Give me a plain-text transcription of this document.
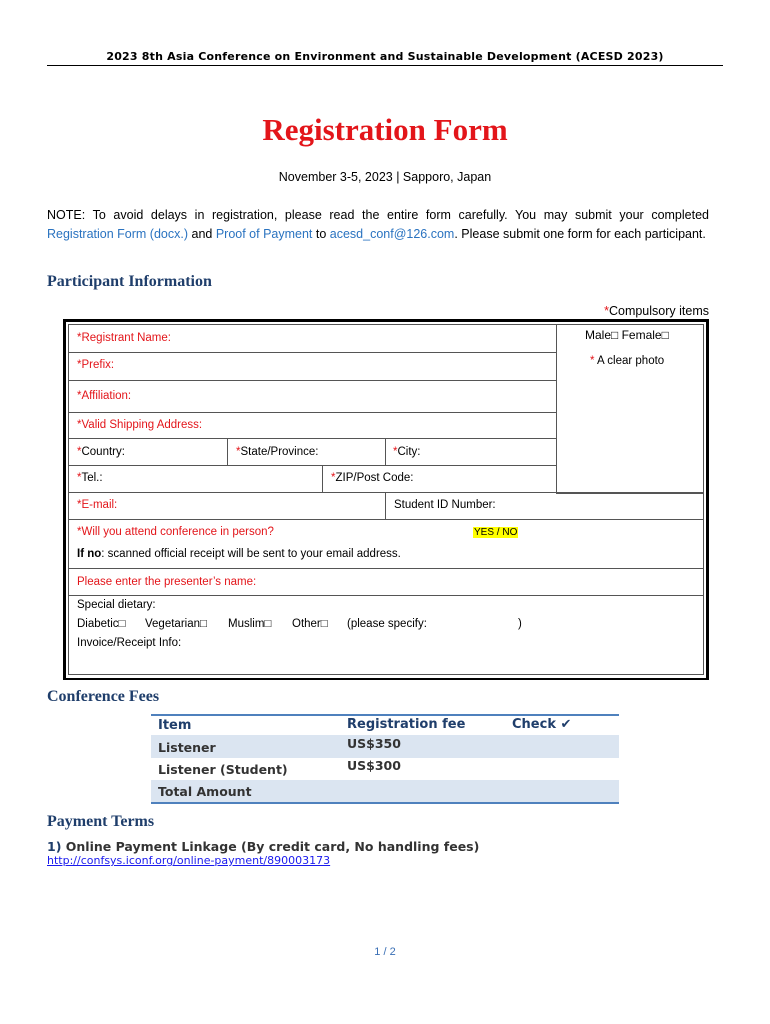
2023 8th Asia Conference on Environment and Sustainable Development (ACESD 2023)
Registration Form
November 3-5, 2023 | Sapporo, Japan
NOTE: To avoid delays in registration, please read the entire form carefully. You may submit your completed Registration Form (docx.) and Proof of Payment to acesd_conf@126.com. Please submit one form for each participant.
Participant Information
*Compulsory items
*Registrant Name:	Male□ Female□
* A clear photo
*Prefix:
*Affiliation:
*Valid Shipping Address:
*Country:	*State/Province:	*City:
*Tel.:	*ZIP/Post Code:
*E-mail:	Student ID Number:
*Will you attend conference in person?	YES / NO
If no: scanned official receipt will be sent to your email address.
Please enter the presenter’s name:
Special dietary:
Diabetic□ Vegetarian□ Muslim□ Other□ (please specify:	)
Invoice/Receipt Info:
Conference Fees
Item	Registration fee	Check ✔
Listener	US$350
Listener (Student)	US$300
Total Amount
Payment Terms
1) Online Payment Linkage (By credit card, No handling fees)
http://confsys.iconf.org/online-payment/890003173
1 / 2
